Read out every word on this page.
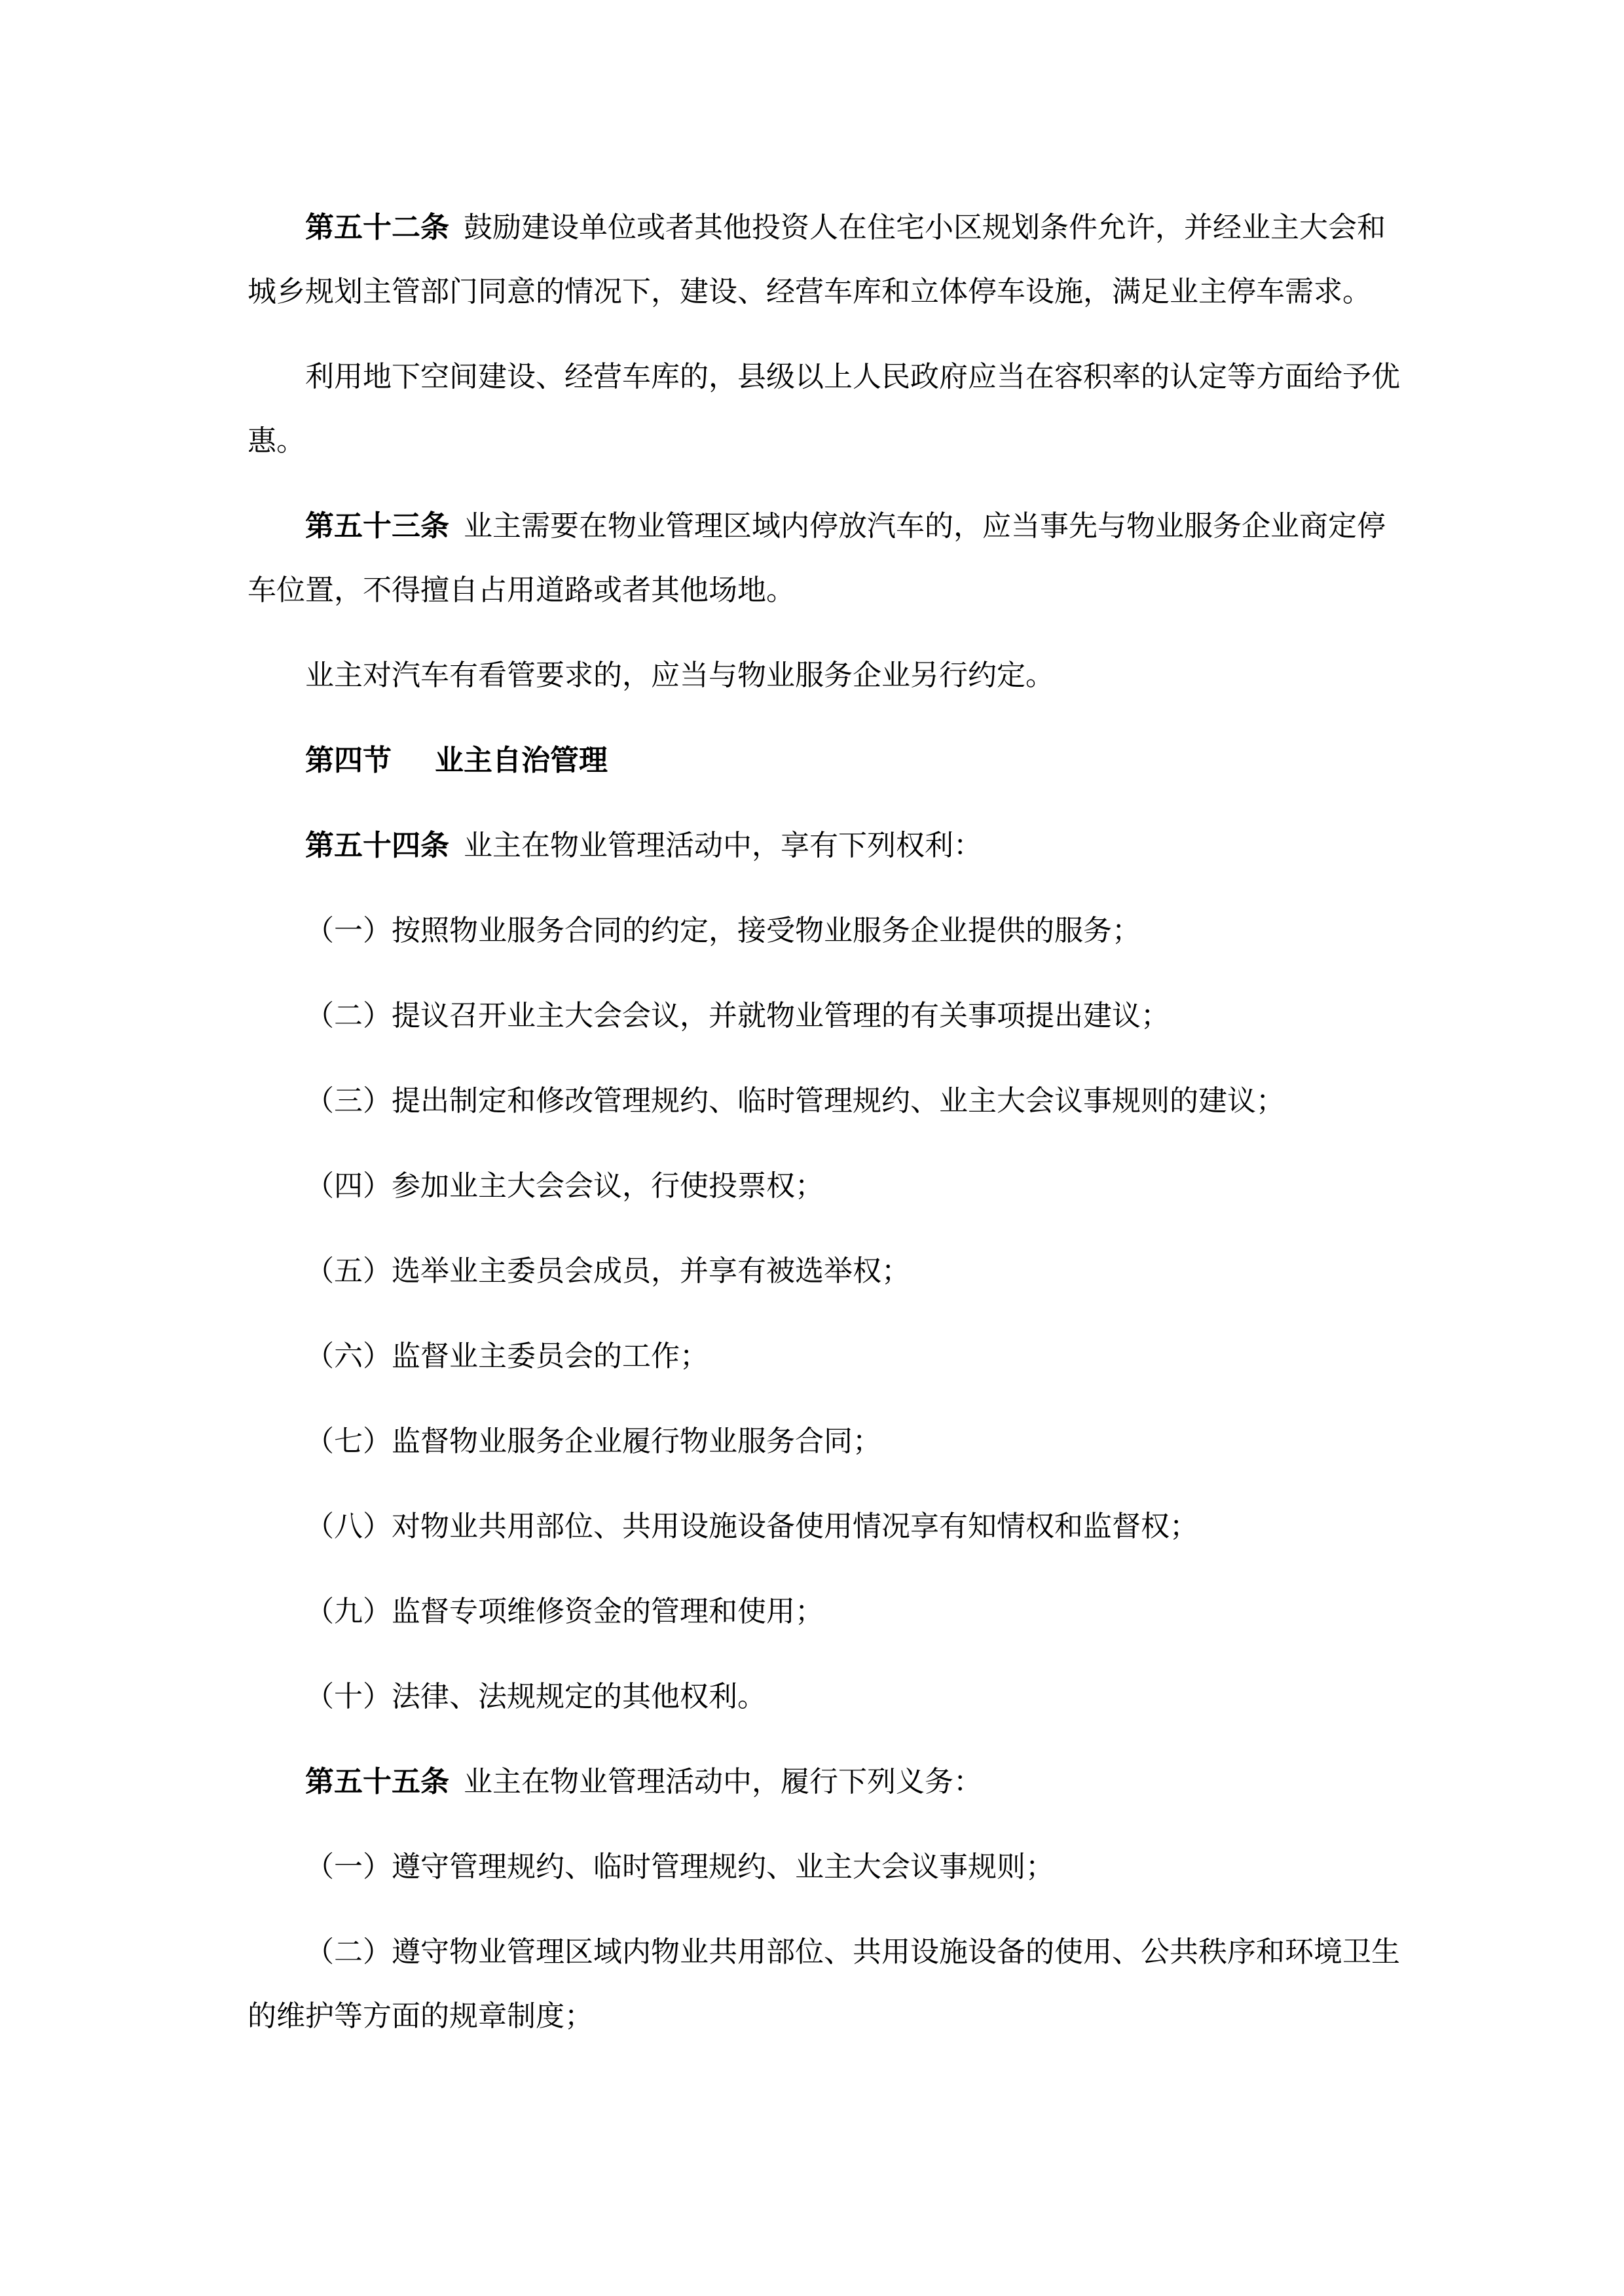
第五十二条 鼓励建设单位或者其他投资人在住宅小区规划条件允许，并经业主大会和
城乡规划主管部门同意的情况下，建设、经营车库和立体停车设施，满足业主停车需求。
利用地下空间建设、经营车库的，县级以上人民政府应当在容积率的认定等方面给予优
惠。
第五十三条 业主需要在物业管理区域内停放汽车的，应当事先与物业服务企业商定停
车位置，不得擅自占用道路或者其他场地。
业主对汽车有看管要求的，应当与物业服务企业另行约定。
第四节 业主自治管理
第五十四条 业主在物业管理活动中，享有下列权利：
（一）按照物业服务合同的约定，接受物业服务企业提供的服务；
（二）提议召开业主大会会议，并就物业管理的有关事项提出建议；
（三）提出制定和修改管理规约、临时管理规约、业主大会议事规则的建议；
（四）参加业主大会会议，行使投票权；
（五）选举业主委员会成员，并享有被选举权；
（六）监督业主委员会的工作；
（七）监督物业服务企业履行物业服务合同；
（八）对物业共用部位、共用设施设备使用情况享有知情权和监督权；
（九）监督专项维修资金的管理和使用；
（十）法律、法规规定的其他权利。
第五十五条 业主在物业管理活动中，履行下列义务：
（一）遵守管理规约、临时管理规约、业主大会议事规则；
（二）遵守物业管理区域内物业共用部位、共用设施设备的使用、公共秩序和环境卫生
的维护等方面的规章制度；
